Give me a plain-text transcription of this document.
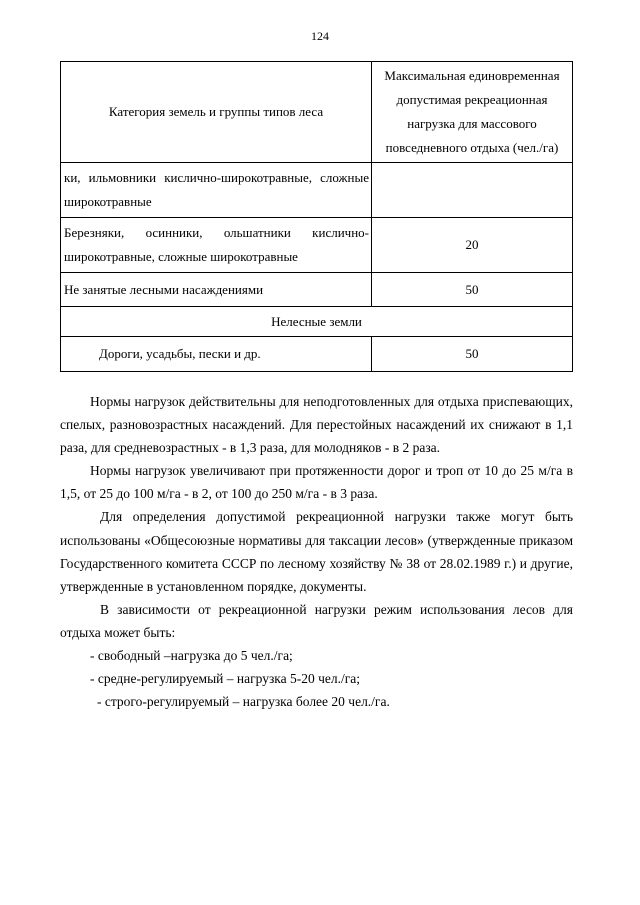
124
Категория земель и группы типов леса	Максимальная единовременная допустимая рекреационная нагрузка для массового повседневного отдыха (чел./га)

ки, ильмовники кислично-широкотравные, сложные
широкотравные	

Березняки, осинники, ольшатники кислично-
широкотравные, сложные широкотравные	20
Не занятые лесными насаждениями	50
Нелесные земли	
Дороги, усадьбы, пески и др.	50

Нормы нагрузок действительны для неподготовленных для отдыха приспевающих, спелых, разновозрастных насаждений. Для перестойных насаждений их снижают в 1,1 раза, для средневозрастных - в 1,3 раза, для молодняков - в 2 раза.

Нормы нагрузок увеличивают при протяженности дорог и троп от 10 до 25 м/га в 1,5, от 25 до 100 м/га - в 2, от 100 до 250 м/га - в 3 раза.

Для определения допустимой рекреационной нагрузки также могут быть использованы «Общесоюзные нормативы для таксации лесов» (утвержденные приказом Государственного комитета СССР по лесному хозяйству № 38 от 28.02.1989 г.) и другие, утвержденные в установленном порядке, документы.

В зависимости от рекреационной нагрузки режим использования лесов для отдыха может быть:

- свободный –нагрузка до 5 чел./га;

- средне-регулируемый – нагрузка 5-20 чел./га;

- строго-регулируемый – нагрузка более 20 чел./га.
